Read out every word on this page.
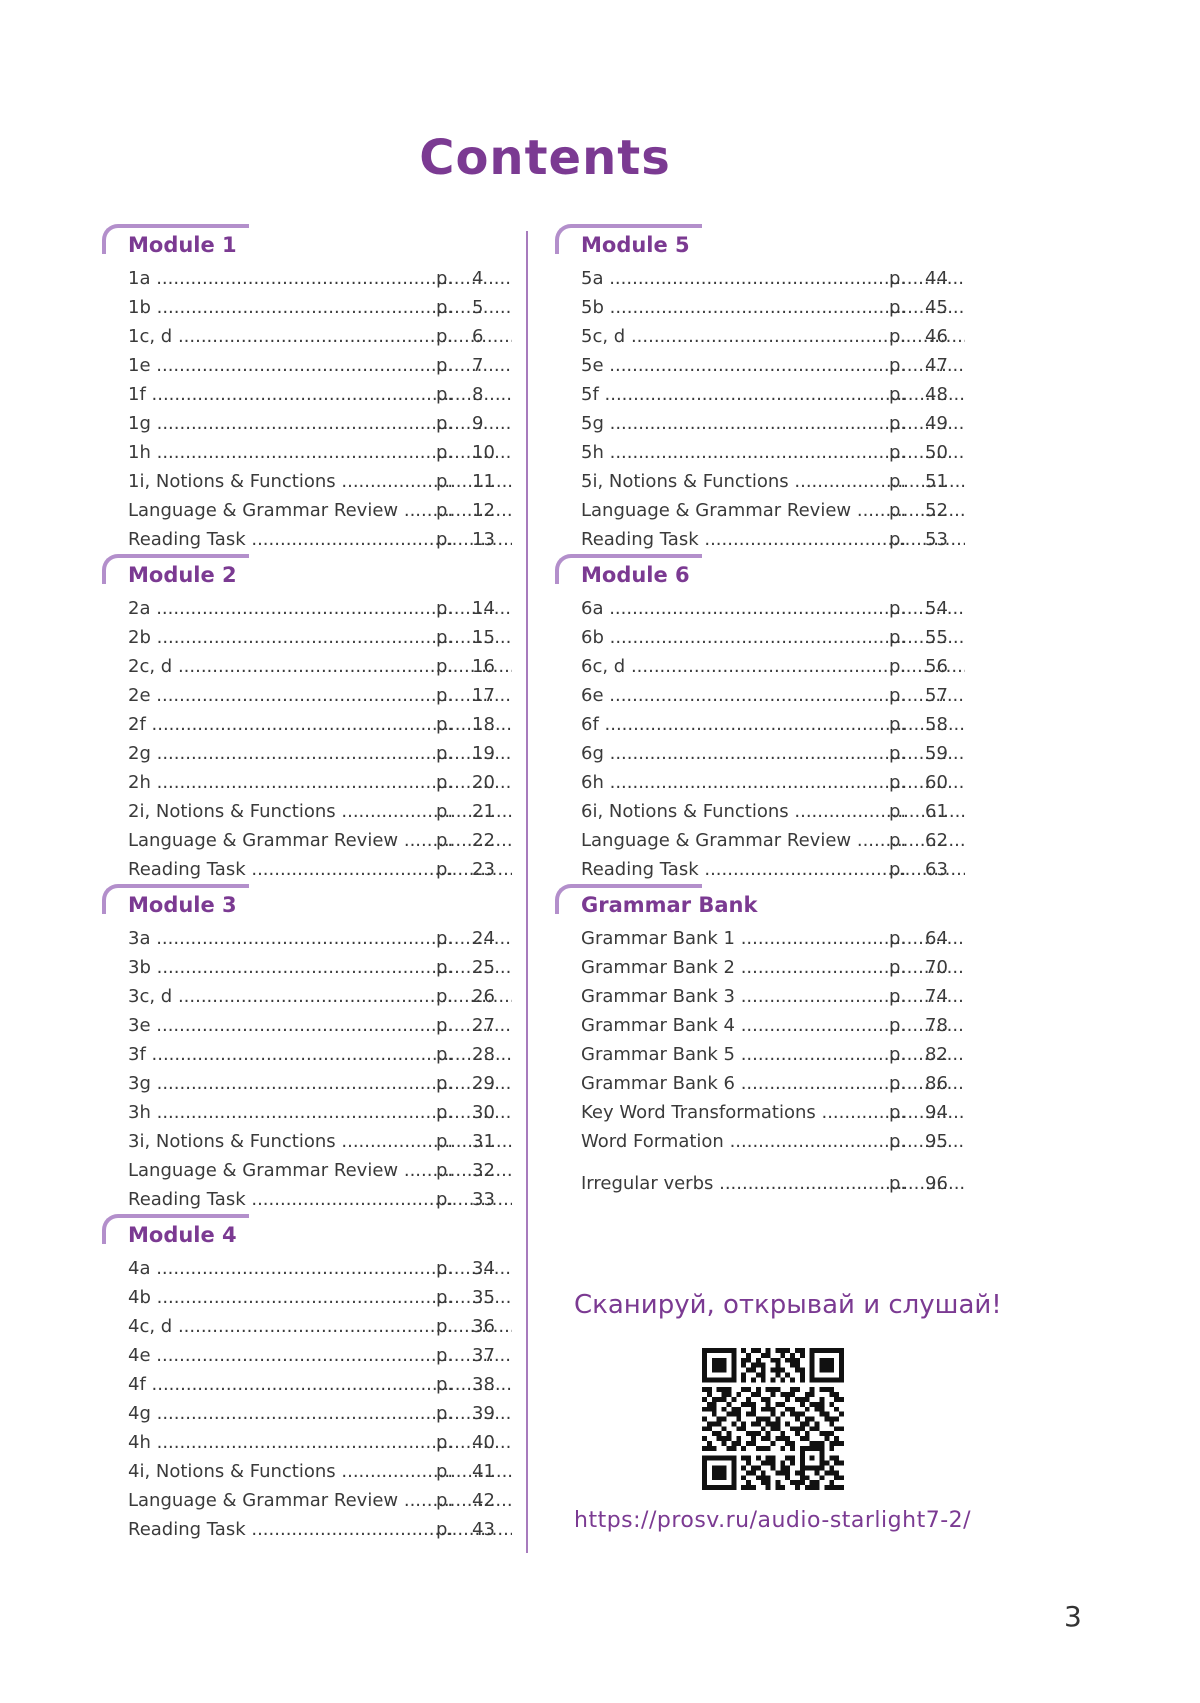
Contents
Module 1
1a .....	p. 4
1b .....	p. 5
1c, d .....	p. 6
1e .....	p. 7
1f .....	p. 8
1g .....	p. 9
1h .....	p. 10
1i, Notions & Functions .....	p. 11
Language & Grammar Review .....	p. 12
Reading Task .....	p. 13
Module 2
2a .....	p. 14
2b .....	p. 15
2c, d .....	p. 16
2e .....	p. 17
2f .....	p. 18
2g .....	p. 19
2h .....	p. 20
2i, Notions & Functions .....	p. 21
Language & Grammar Review .....	p. 22
Reading Task .....	p. 23
Module 3
3a .....	p. 24
3b .....	p. 25
3c, d .....	p. 26
3e .....	p. 27
3f .....	p. 28
3g .....	p. 29
3h .....	p. 30
3i, Notions & Functions .....	p. 31
Language & Grammar Review .....	p. 32
Reading Task .....	p. 33
Module 4
4a .....	p. 34
4b .....	p. 35
4c, d .....	p. 36
4e .....	p. 37
4f .....	p. 38
4g .....	p. 39
4h .....	p. 40
4i, Notions & Functions .....	p. 41
Language & Grammar Review .....	p. 42
Reading Task .....	p. 43
Module 5
5a .....	p. 44
5b .....	p. 45
5c, d .....	p. 46
5e .....	p. 47
5f .....	p. 48
5g .....	p. 49
5h .....	p. 50
5i, Notions & Functions .....	p. 51
Language & Grammar Review .....	p. 52
Reading Task .....	p. 53
Module 6
6a .....	p. 54
6b .....	p. 55
6c, d .....	p. 56
6e .....	p. 57
6f .....	p. 58
6g .....	p. 59
6h .....	p. 60
6i, Notions & Functions .....	p. 61
Language & Grammar Review .....	p. 62
Reading Task .....	p. 63
Grammar Bank
Grammar Bank 1 .....	p. 64
Grammar Bank 2 .....	p. 70
Grammar Bank 3 .....	p. 74
Grammar Bank 4 .....	p. 78
Grammar Bank 5 .....	p. 82
Grammar Bank 6 .....	p. 86
Key Word Transformations .....	p. 94
Word Formation .....	p. 95
Irregular verbs .....	p. 96
Сканируй, открывай и слушай!
https://prosv.ru/audio-starlight7-2/
3
